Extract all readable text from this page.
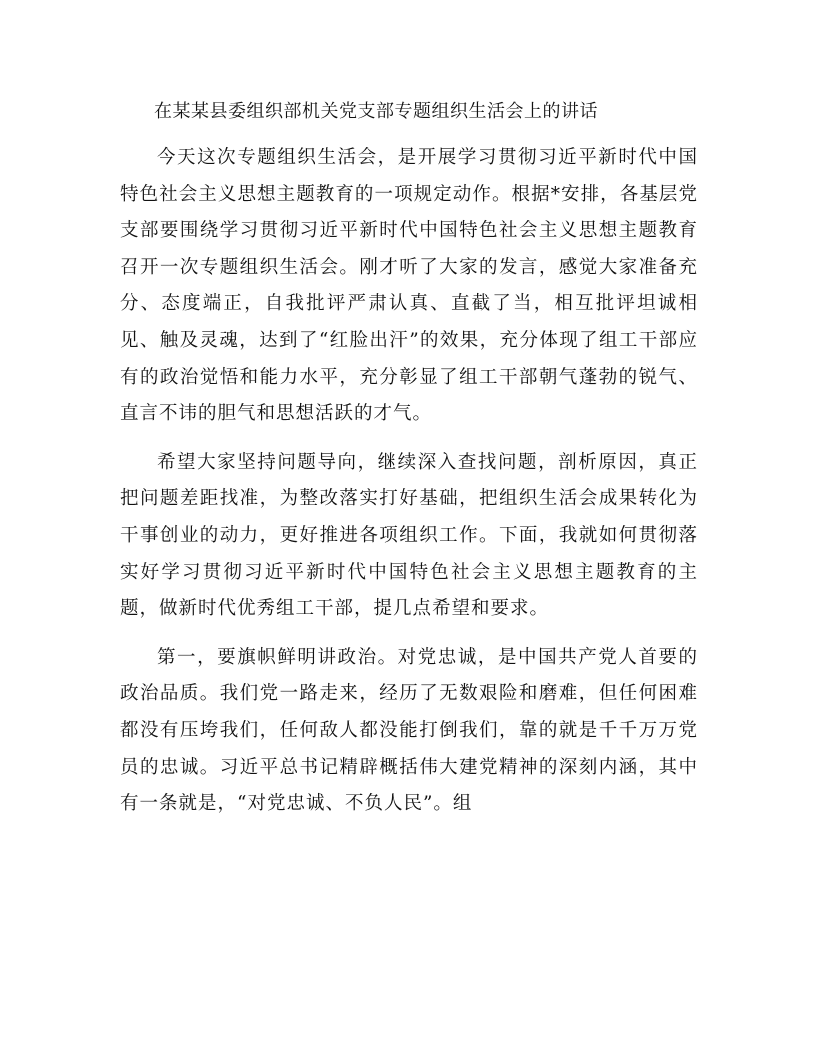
在某某县委组织部机关党支部专题组织生活会上的讲话

今天这次专题组织生活会，是开展学习贯彻习近平新时代中国特色社会主义思想主题教育的一项规定动作。根据*安排，各基层党支部要围绕学习贯彻习近平新时代中国特色社会主义思想主题教育召开一次专题组织生活会。刚才听了大家的发言，感觉大家准备充分、态度端正，自我批评严肃认真、直截了当，相互批评坦诚相见、触及灵魂，达到了“红脸出汗”的效果，充分体现了组工干部应有的政治觉悟和能力水平，充分彰显了组工干部朝气蓬勃的锐气、直言不讳的胆气和思想活跃的才气。

希望大家坚持问题导向，继续深入查找问题，剖析原因，真正把问题差距找准，为整改落实打好基础，把组织生活会成果转化为干事创业的动力，更好推进各项组织工作。下面，我就如何贯彻落实好学习贯彻习近平新时代中国特色社会主义思想主题教育的主题，做新时代优秀组工干部，提几点希望和要求。

第一，要旗帜鲜明讲政治。对党忠诚，是中国共产党人首要的政治品质。我们党一路走来，经历了无数艰险和磨难，但任何困难都没有压垮我们，任何敌人都没能打倒我们，靠的就是千千万万党员的忠诚。习近平总书记精辟概括伟大建党精神的深刻内涵，其中有一条就是，“对党忠诚、不负人民”。组
